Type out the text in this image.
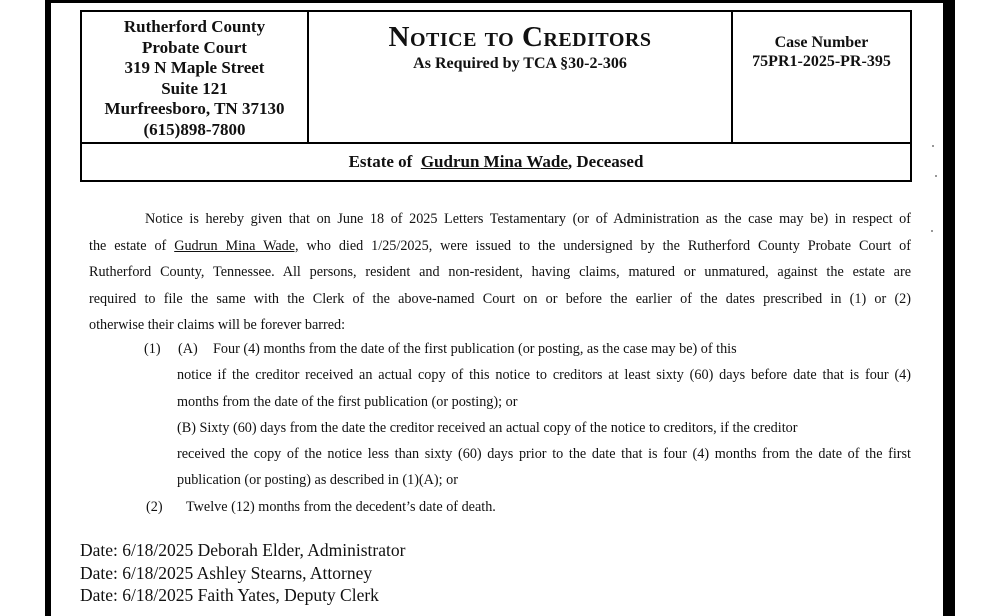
Rutherford County
Probate Court
319 N Maple Street
Suite 121
Murfreesboro, TN 37130
(615)898-7800
Notice to Creditors
As Required by TCA §30-2-306
Case Number
75PR1-2025-PR-395
Estate of Gudrun Mina Wade, Deceased
Notice is hereby given that on June 18 of 2025 Letters Testamentary (or of Administration as the case may be) in respect of
the estate of Gudrun Mina Wade, who died 1/25/2025, were issued to the undersigned by the Rutherford County Probate Court of
Rutherford County, Tennessee. All persons, resident and non-resident, having claims, matured or unmatured, against the estate are
required to file the same with the Clerk of the above-named Court on or before the earlier of the dates prescribed in (1) or (2)
otherwise their claims will be forever barred:
(1) (A) Four (4) months from the date of the first publication (or posting, as the case may be) of this
notice if the creditor received an actual copy of this notice to creditors at least sixty (60) days before date that is four (4)
months from the date of the first publication (or posting); or
(B) Sixty (60) days from the date the creditor received an actual copy of the notice to creditors, if the creditor
received the copy of the notice less than sixty (60) days prior to the date that is four (4) months from the date of the first
publication (or posting) as described in (1)(A); or
(2) Twelve (12) months from the decedent’s date of death.
Date: 6/18/2025 Deborah Elder, Administrator
Date: 6/18/2025 Ashley Stearns, Attorney
Date: 6/18/2025 Faith Yates, Deputy Clerk
